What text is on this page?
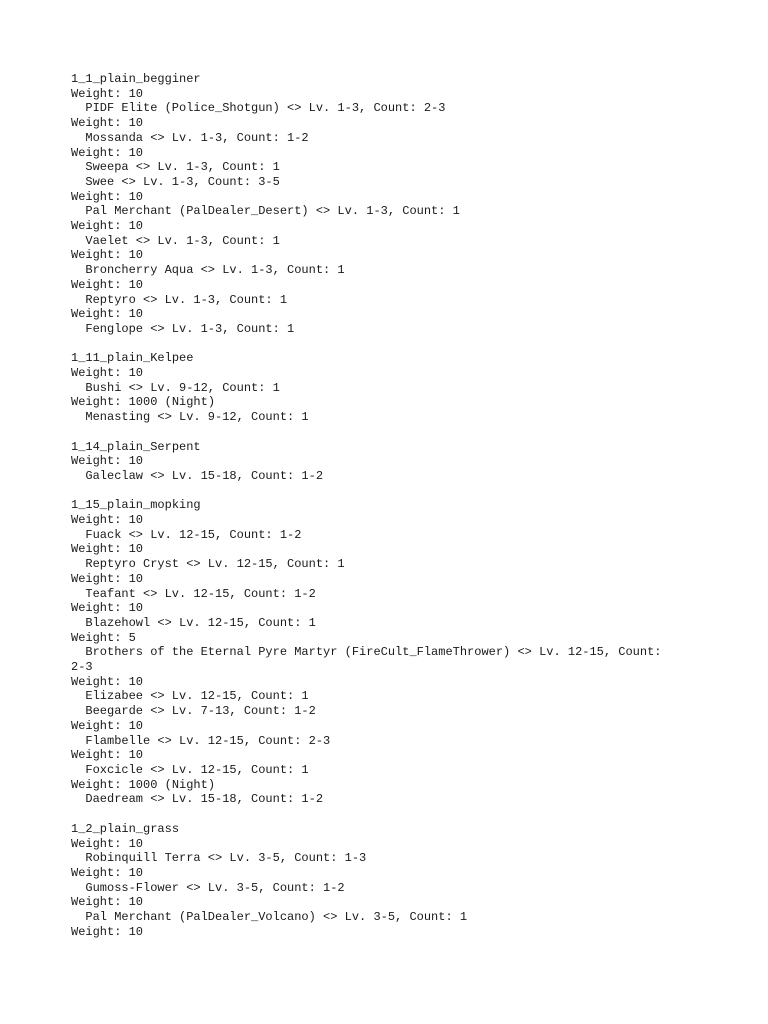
1_1_plain_begginer
Weight: 10
PIDF Elite (Police_Shotgun) <> Lv. 1-3, Count: 2-3
Weight: 10
Mossanda <> Lv. 1-3, Count: 1-2
Weight: 10
Sweepa <> Lv. 1-3, Count: 1
Swee <> Lv. 1-3, Count: 3-5
Weight: 10
Pal Merchant (PalDealer_Desert) <> Lv. 1-3, Count: 1
Weight: 10
Vaelet <> Lv. 1-3, Count: 1
Weight: 10
Broncherry Aqua <> Lv. 1-3, Count: 1
Weight: 10
Reptyro <> Lv. 1-3, Count: 1
Weight: 10
Fenglope <> Lv. 1-3, Count: 1
1_11_plain_Kelpee
Weight: 10
Bushi <> Lv. 9-12, Count: 1
Weight: 1000 (Night)
Menasting <> Lv. 9-12, Count: 1
1_14_plain_Serpent
Weight: 10
Galeclaw <> Lv. 15-18, Count: 1-2
1_15_plain_mopking
Weight: 10
Fuack <> Lv. 12-15, Count: 1-2
Weight: 10
Reptyro Cryst <> Lv. 12-15, Count: 1
Weight: 10
Teafant <> Lv. 12-15, Count: 1-2
Weight: 10
Blazehowl <> Lv. 12-15, Count: 1
Weight: 5
Brothers of the Eternal Pyre Martyr (FireCult_FlameThrower) <> Lv. 12-15, Count:
2-3
Weight: 10
Elizabee <> Lv. 12-15, Count: 1
Beegarde <> Lv. 7-13, Count: 1-2
Weight: 10
Flambelle <> Lv. 12-15, Count: 2-3
Weight: 10
Foxcicle <> Lv. 12-15, Count: 1
Weight: 1000 (Night)
Daedream <> Lv. 15-18, Count: 1-2
1_2_plain_grass
Weight: 10
Robinquill Terra <> Lv. 3-5, Count: 1-3
Weight: 10
Gumoss-Flower <> Lv. 3-5, Count: 1-2
Weight: 10
Pal Merchant (PalDealer_Volcano) <> Lv. 3-5, Count: 1
Weight: 10
